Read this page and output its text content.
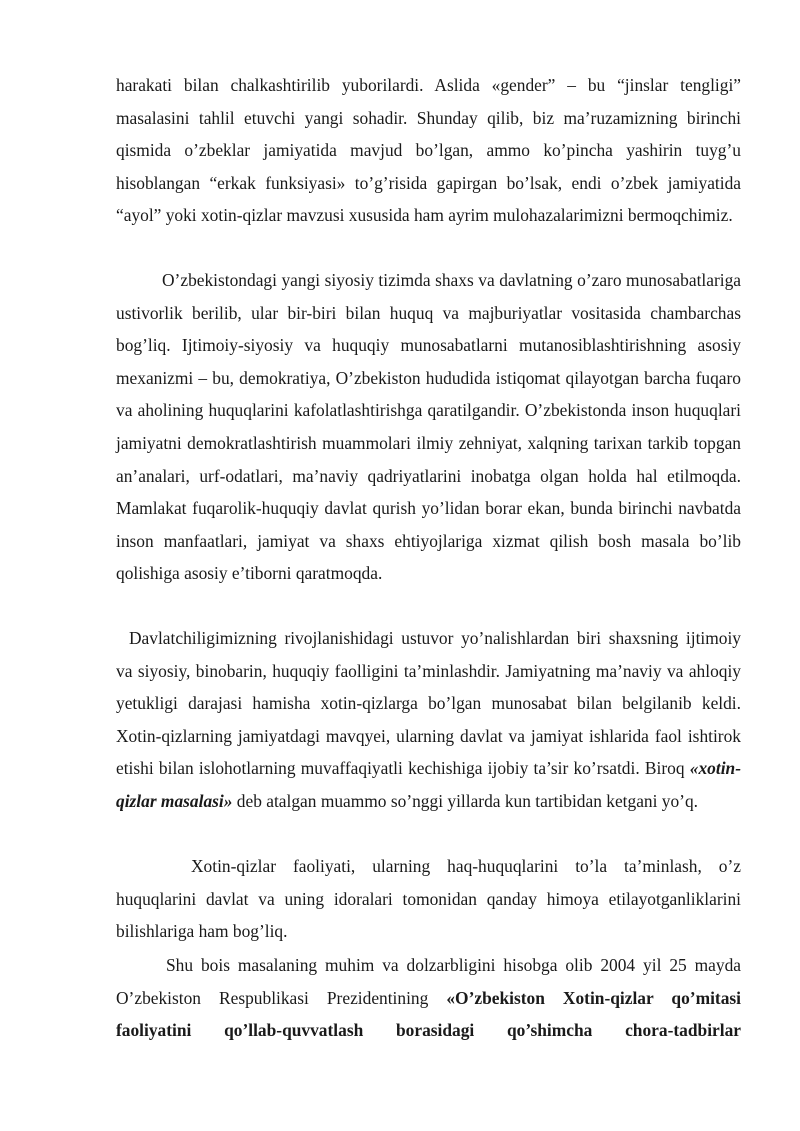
harakati bilan chalkashtirilib yuborilardi. Aslida «gender” – bu “jinslar tengligi” masalasini tahlil etuvchi yangi sohadir. Shunday qilib, biz ma’ruzamizning birinchi qismida o’zbeklar jamiyatida mavjud bo’lgan, ammo ko’pincha yashirin tuyg’u hisoblangan “erkak funksiyasi» to’g’risida gapirgan bo’lsak, endi o’zbek jamiyatida “ayol” yoki xotin-qizlar mavzusi xususida ham ayrim mulohazalarimizni bermoqchimiz.

O’zbekistondagi yangi siyosiy tizimda shaxs va davlatning o’zaro munosabatlariga ustivorlik berilib, ular bir-biri bilan huquq va majburiyatlar vositasida chambarchas bog’liq. Ijtimoiy-siyosiy va huquqiy munosabatlarni mutanosiblashtirishning asosiy mexanizmi – bu, demokratiya, O’zbekiston hududida istiqomat qilayotgan barcha fuqaro va aholining huquqlarini kafolatlashtirishga qaratilgandir. O’zbekistonda inson huquqlari jamiyatni demokratlashtirish muammolari ilmiy zehniyat, xalqning tarixan tarkib topgan an’analari, urf-odatlari, ma’naviy qadriyatlarini inobatga olgan holda hal etilmoqda. Mamlakat fuqarolik-huquqiy davlat qurish yo’lidan borar ekan, bunda birinchi navbatda inson manfaatlari, jamiyat va shaxs ehtiyojlariga xizmat qilish bosh masala bo’lib qolishiga asosiy e’tiborni qaratmoqda.

Davlatchiligimizning rivojlanishidagi ustuvor yo’nalishlardan biri shaxsning ijtimoiy va siyosiy, binobarin, huquqiy faolligini ta’minlashdir. Jamiyatning ma’naviy va ahloqiy yetukligi darajasi hamisha xotin-qizlarga bo’lgan munosabat bilan belgilanib keldi. Xotin-qizlarning jamiyatdagi mavqyei, ularning davlat va jamiyat ishlarida faol ishtirok etishi bilan islohotlarning muvaffaqiyatli kechishiga ijobiy ta’sir ko’rsatdi. Biroq «xotin-qizlar masalasi» deb atalgan muammo so’nggi yillarda kun tartibidan ketgani yo’q.

Xotin-qizlar faoliyati, ularning haq-huquqlarini to’la ta’minlash, o’z huquqlarini davlat va uning idoralari tomonidan qanday himoya etilayotganliklarini bilishlariga ham bog’liq.

Shu bois masalaning muhim va dolzarbligini hisobga olib 2004 yil 25 mayda O’zbekiston Respublikasi Prezidentining «O’zbekiston Xotin-qizlar qo’mitasi faoliyatini qo’llab-quvvatlash borasidagi qo’shimcha chora-tadbirlar
